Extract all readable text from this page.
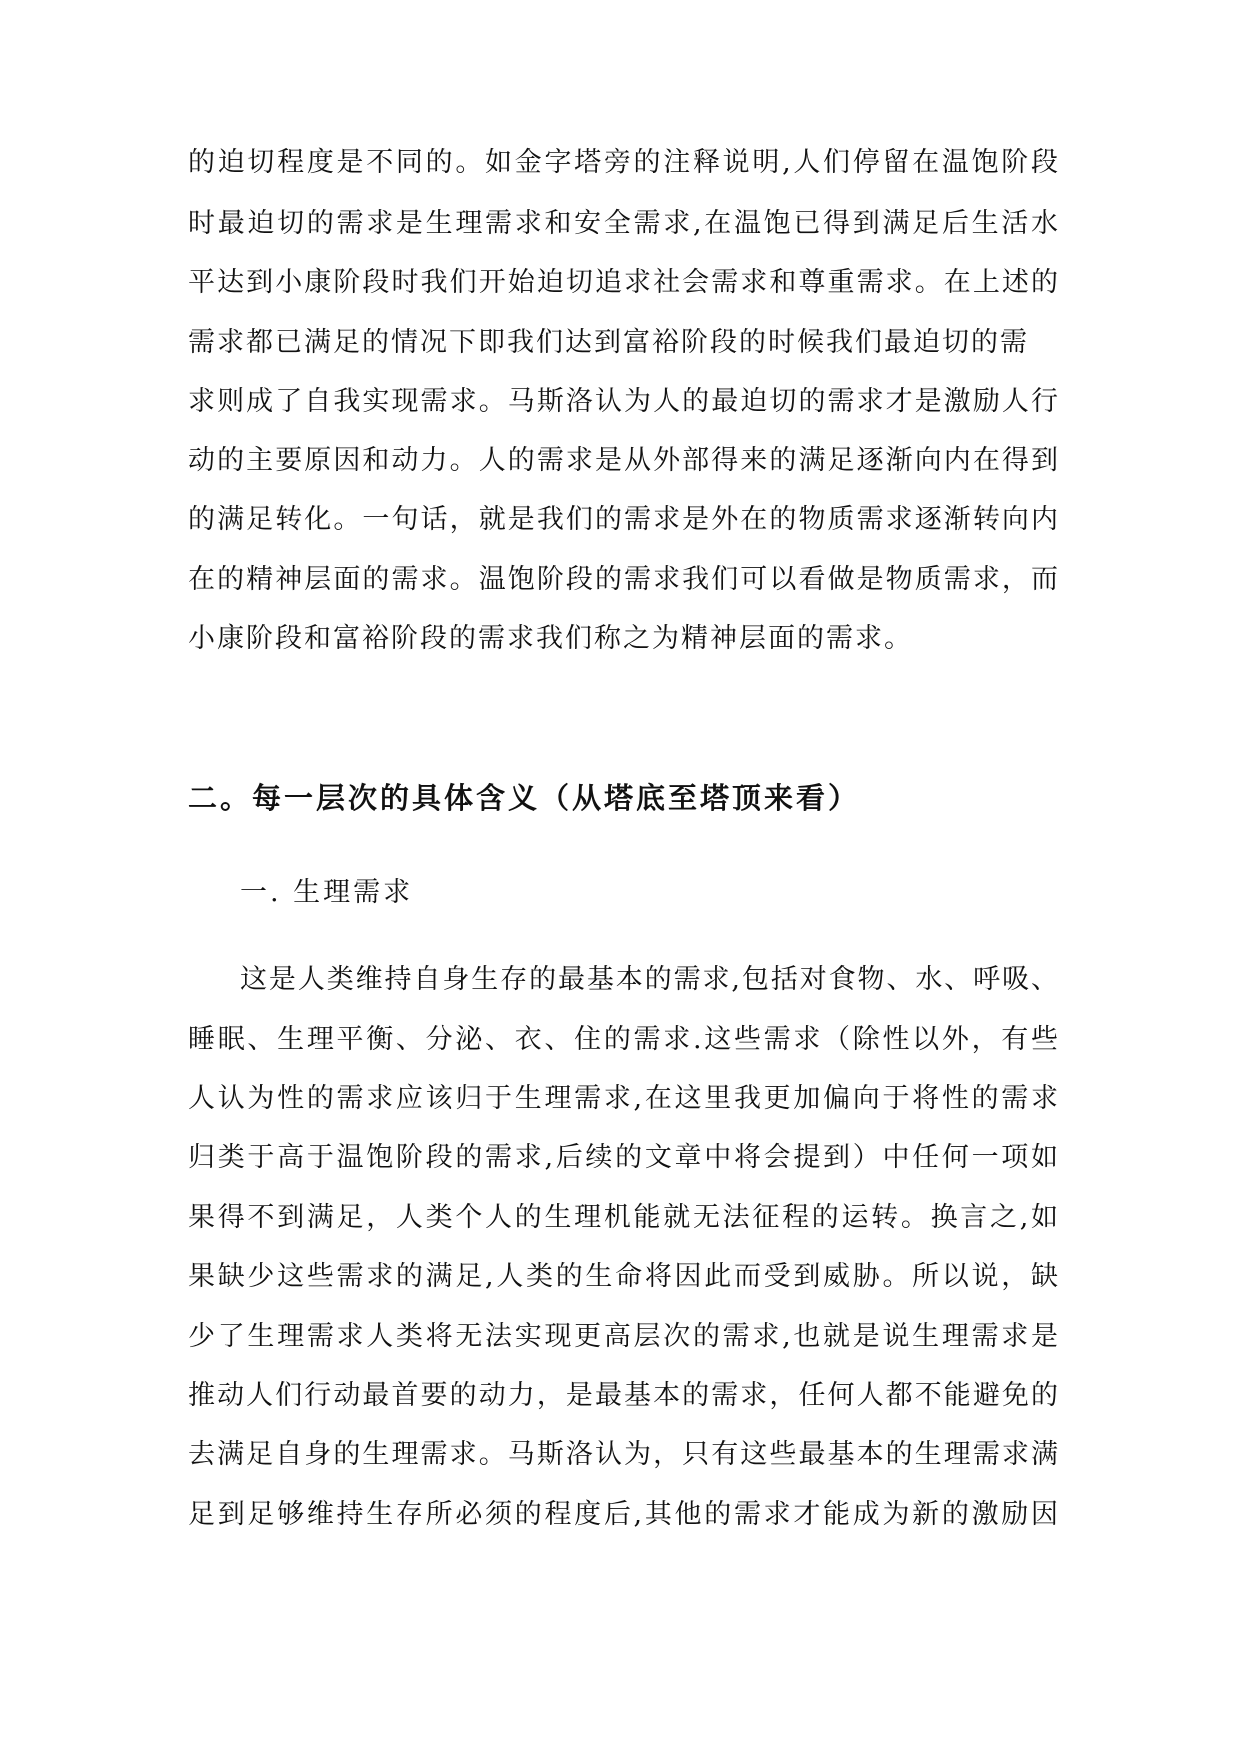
的迫切程度是不同的。如金字塔旁的注释说明,人们停留在温饱阶段
时最迫切的需求是生理需求和安全需求,在温饱已得到满足后生活水
平达到小康阶段时我们开始迫切追求社会需求和尊重需求。在上述的
需求都已满足的情况下即我们达到富裕阶段的时候我们最迫切的需
求则成了自我实现需求。马斯洛认为人的最迫切的需求才是激励人行
动的主要原因和动力。人的需求是从外部得来的满足逐渐向内在得到
的满足转化。一句话，就是我们的需求是外在的物质需求逐渐转向内
在的精神层面的需求。温饱阶段的需求我们可以看做是物质需求，而
小康阶段和富裕阶段的需求我们称之为精神层面的需求。
二。每一层次的具体含义（从塔底至塔顶来看）
一. 生理需求
这是人类维持自身生存的最基本的需求,包括对食物、水、呼吸、
睡眠、生理平衡、分泌、衣、住的需求.这些需求（除性以外，有些
人认为性的需求应该归于生理需求,在这里我更加偏向于将性的需求
归类于高于温饱阶段的需求,后续的文章中将会提到）中任何一项如
果得不到满足，人类个人的生理机能就无法征程的运转。换言之,如
果缺少这些需求的满足,人类的生命将因此而受到威胁。所以说，缺
少了生理需求人类将无法实现更高层次的需求,也就是说生理需求是
推动人们行动最首要的动力，是最基本的需求，任何人都不能避免的
去满足自身的生理需求。马斯洛认为，只有这些最基本的生理需求满
足到足够维持生存所必须的程度后,其他的需求才能成为新的激励因
